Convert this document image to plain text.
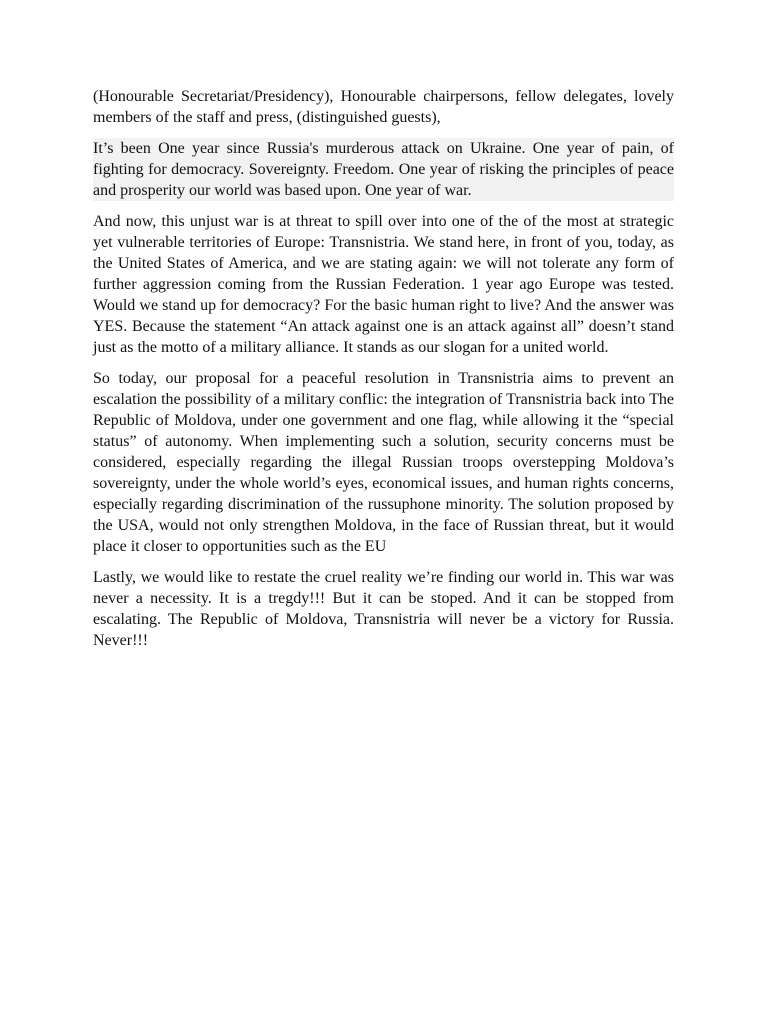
(Honourable Secretariat/Presidency), Honourable chairpersons, fellow delegates, lovely members of the staff and press, (distinguished guests),

It’s been One year since Russia's murderous attack on Ukraine. One year of pain, of fighting for democracy. Sovereignty. Freedom. One year of risking the principles of peace and prosperity our world was based upon. One year of war.

And now, this unjust war is at threat to spill over into one of the of the most at strategic yet vulnerable territories of Europe: Transnistria. We stand here, in front of you, today, as the United States of America, and we are stating again: we will not tolerate any form of further aggression coming from the Russian Federation. 1 year ago Europe was tested. Would we stand up for democracy? For the basic human right to live? And the answer was YES. Because the statement “An attack against one is an attack against all” doesn’t stand just as the motto of a military alliance. It stands as our slogan for a united world.

So today, our proposal for a peaceful resolution in Transnistria aims to prevent an escalation the possibility of a military conflic: the integration of Transnistria back into The Republic of Moldova, under one government and one flag, while allowing it the “special status” of autonomy. When implementing such a solution, security concerns must be considered, especially regarding the illegal Russian troops overstepping Moldova’s sovereignty, under the whole world’s eyes, economical issues, and human rights concerns, especially regarding discrimination of the russuphone minority. The solution proposed by the USA, would not only strengthen Moldova, in the face of Russian threat, but it would place it closer to opportunities such as the EU

Lastly, we would like to restate the cruel reality we’re finding our world in. This war was never a necessity. It is a tregdy!!! But it can be stoped. And it can be stopped from escalating. The Republic of Moldova, Transnistria will never be a victory for Russia. Never!!!
